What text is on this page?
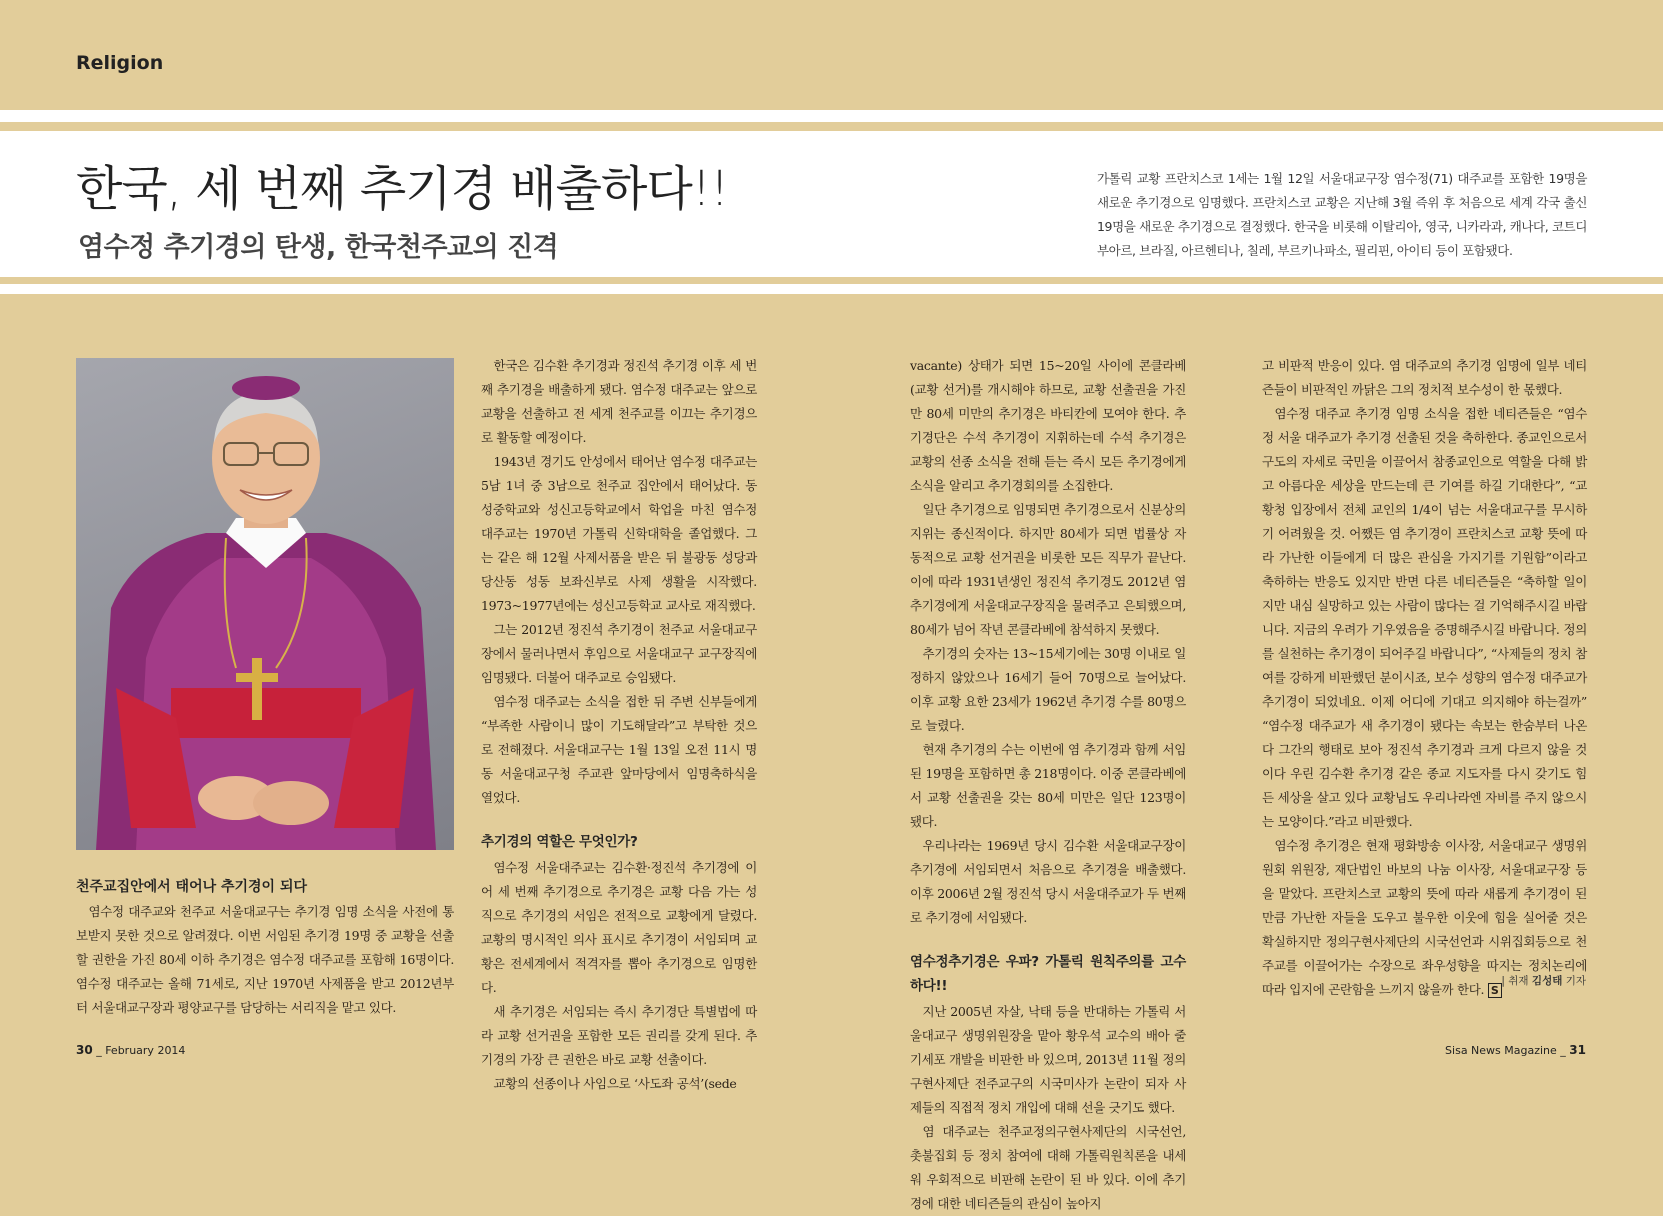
Religion
한국, 세 번째 추기경 배출하다!!
염수정 추기경의 탄생, 한국천주교의 진격
가톨릭 교황 프란치스코 1세는 1월 12일 서울대교구장 염수정(71) 대주교를 포함한 19명을 새로운 추기경으로 임명했다. 프란치스코 교황은 지난해 3월 즉위 후 처음으로 세계 각국 출신 19명을 새로운 추기경으로 결정했다. 한국을 비롯해 이탈리아, 영국, 니카라과, 캐나다, 코트디부아르, 브라질, 아르헨티나, 칠레, 부르키나파소, 필리핀, 아이티 등이 포함됐다.
천주교집안에서 태어나 추기경이 되다
염수정 대주교와 천주교 서울대교구는 추기경 임명 소식을 사전에 통보받지 못한 것으로 알려졌다. 이번 서임된 추기경 19명 중 교황을 선출할 권한을 가진 80세 이하 추기경은 염수정 대주교를 포함해 16명이다. 염수정 대주교는 올해 71세로, 지난 1970년 사제품을 받고 2012년부터 서울대교구장과 평양교구를 담당하는 서리직을 맡고 있다.

한국은 김수환 추기경과 정진석 추기경 이후 세 번째 추기경을 배출하게 됐다. 염수정 대주교는 앞으로 교황을 선출하고 전 세계 천주교를 이끄는 추기경으로 활동할 예정이다.

1943년 경기도 안성에서 태어난 염수정 대주교는 5남 1녀 중 3남으로 천주교 집안에서 태어났다. 동성중학교와 성신고등학교에서 학업을 마친 염수정 대주교는 1970년 가톨릭 신학대학을 졸업했다. 그는 같은 해 12월 사제서품을 받은 뒤 불광동 성당과 당산동 성동 보좌신부로 사제 생활을 시작했다. 1973~1977년에는 성신고등학교 교사로 재직했다.

그는 2012년 정진석 추기경이 천주교 서울대교구장에서 물러나면서 후임으로 서울대교구 교구장직에 임명됐다. 더불어 대주교로 승임됐다.

염수정 대주교는 소식을 접한 뒤 주변 신부들에게 “부족한 사람이니 많이 기도해달라”고 부탁한 것으로 전해졌다. 서울대교구는 1월 13일 오전 11시 명동 서울대교구청 주교관 앞마당에서 임명축하식을 열었다.

추기경의 역할은 무엇인가?

염수정 서울대주교는 김수환·정진석 추기경에 이어 세 번째 추기경으로 추기경은 교황 다음 가는 성직으로 추기경의 서임은 전적으로 교황에게 달렸다. 교황의 명시적인 의사 표시로 추기경이 서임되며 교황은 전세계에서 적격자를 뽑아 추기경으로 임명한다.

새 추기경은 서임되는 즉시 추기경단 특별법에 따라 교황 선거권을 포함한 모든 권리를 갖게 된다. 추기경의 가장 큰 권한은 바로 교황 선출이다.

교황의 선종이나 사임으로 ‘사도좌 공석’(sede

vacante) 상태가 되면 15~20일 사이에 콘클라베(교황 선거)를 개시해야 하므로, 교황 선출권을 가진 만 80세 미만의 추기경은 바티칸에 모여야 한다. 추기경단은 수석 추기경이 지휘하는데 수석 추기경은 교황의 선종 소식을 전해 듣는 즉시 모든 추기경에게 소식을 알리고 추기경회의를 소집한다.

일단 추기경으로 임명되면 추기경으로서 신분상의 지위는 종신적이다. 하지만 80세가 되면 법률상 자동적으로 교황 선거권을 비롯한 모든 직무가 끝난다. 이에 따라 1931년생인 정진석 추기경도 2012년 염 추기경에게 서울대교구장직을 물려주고 은퇴했으며, 80세가 넘어 작년 콘클라베에 참석하지 못했다.

추기경의 숫자는 13~15세기에는 30명 이내로 일정하지 않았으나 16세기 들어 70명으로 늘어났다. 이후 교황 요한 23세가 1962년 추기경 수를 80명으로 늘렸다.

현재 추기경의 수는 이번에 염 추기경과 함께 서임된 19명을 포함하면 총 218명이다. 이중 콘클라베에서 교황 선출권을 갖는 80세 미만은 일단 123명이 됐다.

우리나라는 1969년 당시 김수환 서울대교구장이 추기경에 서임되면서 처음으로 추기경을 배출했다. 이후 2006년 2월 정진석 당시 서울대주교가 두 번째로 추기경에 서임됐다.

염수정추기경은 우파? 가톨릭 원칙주의를 고수하다!!

지난 2005년 자살, 낙태 등을 반대하는 가톨릭 서울대교구 생명위원장을 맡아 황우석 교수의 배아 줄기세포 개발을 비판한 바 있으며, 2013년 11월 정의구현사제단 전주교구의 시국미사가 논란이 되자 사제들의 직접적 정치 개입에 대해 선을 긋기도 했다.

염 대주교는 천주교정의구현사제단의 시국선언, 촛불집회 등 정치 참여에 대해 가톨릭원칙론을 내세워 우회적으로 비판해 논란이 된 바 있다. 이에 추기경에 대한 네티즌들의 관심이 높아지

고 비판적 반응이 있다. 염 대주교의 추기경 임명에 일부 네티즌들이 비판적인 까닭은 그의 정치적 보수성이 한 몫했다.

염수정 대주교 추기경 임명 소식을 접한 네티즌들은 “염수정 서울 대주교가 추기경 선출된 것을 축하한다. 종교인으로서 구도의 자세로 국민을 이끌어서 참종교인으로 역할을 다해 밝고 아름다운 세상을 만드는데 큰 기여를 하길 기대한다”, “교황청 입장에서 전체 교인의 1/4이 넘는 서울대교구를 무시하기 어려웠을 것. 어쨌든 염 추기경이 프란치스코 교황 뜻에 따라 가난한 이들에게 더 많은 관심을 가지기를 기원함”이라고 축하하는 반응도 있지만 반면 다른 네티즌들은 “축하할 일이지만 내심 실망하고 있는 사람이 많다는 걸 기억해주시길 바랍니다. 지금의 우려가 기우였음을 증명해주시길 바랍니다. 정의를 실천하는 추기경이 되어주길 바랍니다”, “사제들의 정치 참여를 강하게 비판했던 분이시죠, 보수 성향의 염수정 대주교가 추기경이 되었네요. 이제 어디에 기대고 의지해야 하는걸까” “염수정 대주교가 새 추기경이 됐다는 속보는 한숨부터 나온다 그간의 행태로 보아 정진석 추기경과 크게 다르지 않을 것이다 우린 김수환 추기경 같은 종교 지도자를 다시 갖기도 힘든 세상을 살고 있다 교황님도 우리나라엔 자비를 주지 않으시는 모양이다.”라고 비판했다.

염수정 추기경은 현재 평화방송 이사장, 서울대교구 생명위원회 위원장, 재단법인 바보의 나눔 이사장, 서울대교구장 등을 맡았다. 프란치스코 교황의 뜻에 따라 새롭게 추기경이 된만큼 가난한 자들을 도우고 불우한 이웃에 힘을 실어줄 것은 확실하지만 정의구현사제단의 시국선언과 시위집회등으로 천주교를 이끌어가는 수장으로 좌우성향을 따지는 정치논리에 따라 입지에 곤란함을 느끼지 않을까 한다. S

| 취재 김성태 기자
30 _ February 2014	Sisa News Magazine _ 31
